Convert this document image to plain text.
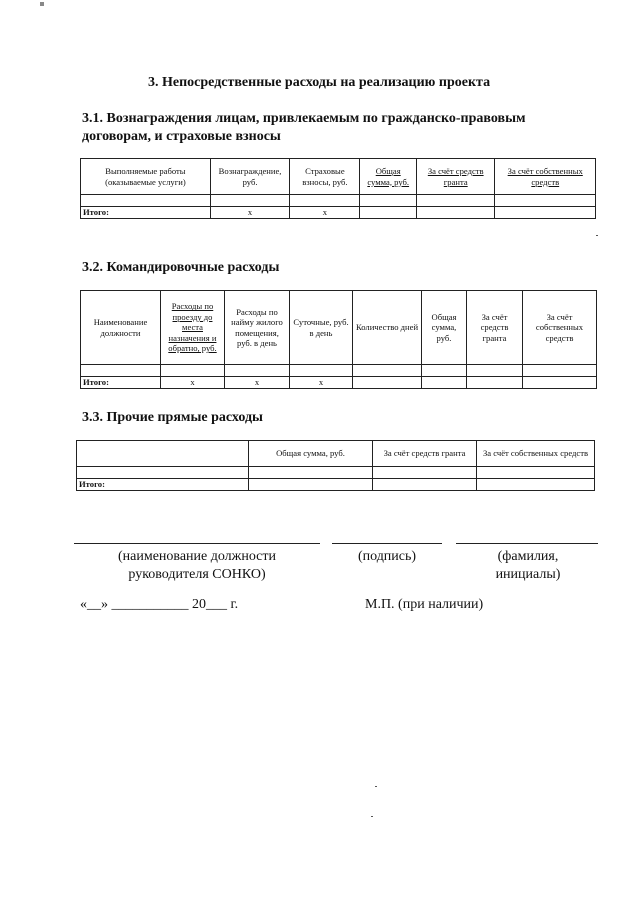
3. Непосредственные расходы на реализацию проекта
3.1. Вознаграждения лицам, привлекаемым по гражданско-правовым договорам, и страховые взносы
Выполняемые работы (оказываемые услуги)	Вознаграждение, руб.	Страховые взносы, руб.	Общая сумма, руб.	За счёт средств гранта	За счёт собственных средств

Итого:	x	x			
3.2. Командировочные расходы
Наименование должности	Расходы по проезду до места назначения и обратно, руб.	Расходы по найму жилого помещения, руб. в день	Суточные, руб. в день	Количество дней	Общая сумма, руб.	За счёт средств гранта	За счёт собственных средств

Итого:	x	x	x				
3.3. Прочие прямые расходы
	Общая сумма, руб.	За счёт средств гранта	За счёт собственных средств

Итого:			
(наименование должности руководителя СОНКО)
(подпись)	(фамилия, инициалы)
«__» ___________ 20___ г.	М.П. (при наличии)
